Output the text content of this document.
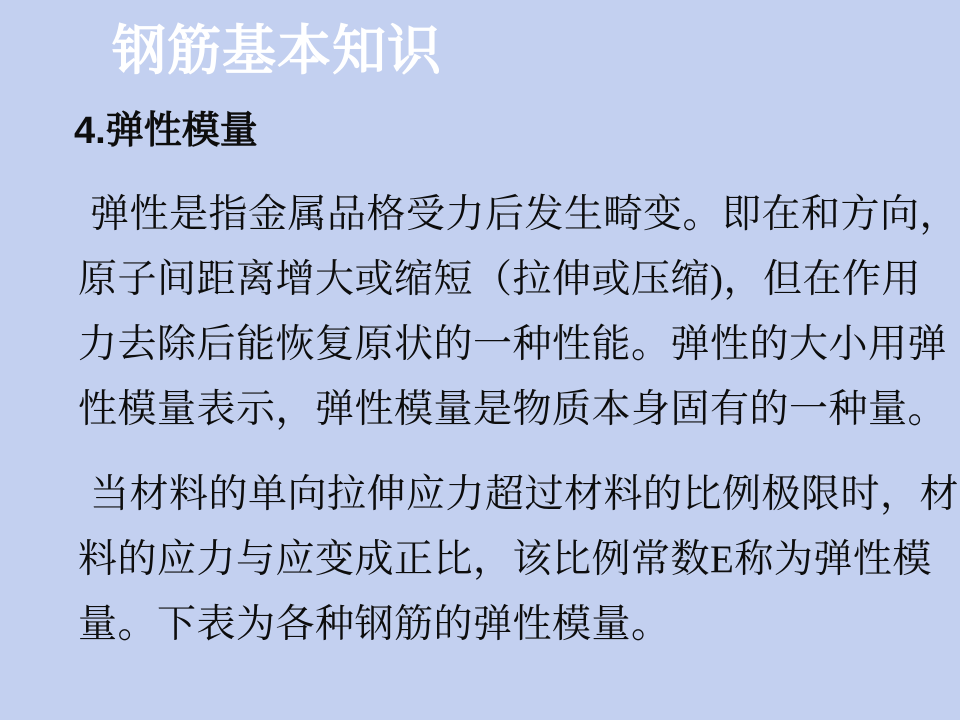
钢筋基本知识
4.弹性模量
弹性是指金属品格受力后发生畸变。即在和方向，
原子间距离增大或缩短（拉伸或压缩)，但在作用
力去除后能恢复原状的一种性能。弹性的大小用弹
性模量表示，弹性模量是物质本身固有的一种量。
当材料的单向拉伸应力超过材料的比例极限时，材
料的应力与应变成正比，该比例常数E称为弹性模
量。下表为各种钢筋的弹性模量。
